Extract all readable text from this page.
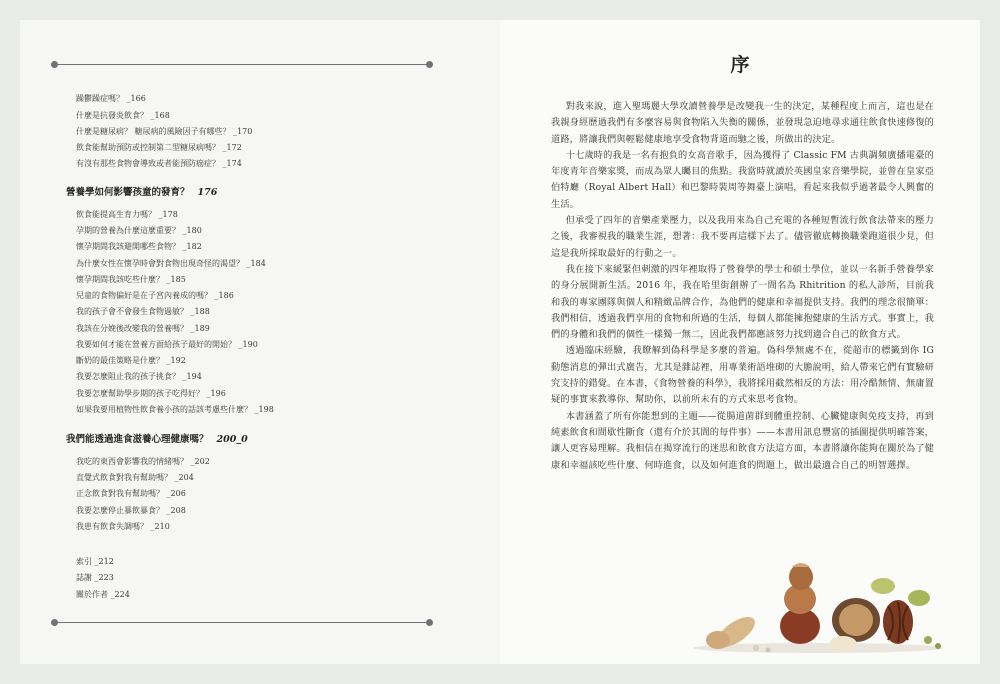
躁鬱躁症嗎？ _166
什麼是抗發炎飲食？ _168
什麼是糖尿病？ 糖尿病的風險因子有哪些？ _170
飲食能幫助預防或控制第二型糖尿病嗎？ _172
有沒有那些食物會導致或者能預防癌症？ _174
營養學如何影響孩童的發育？ 176
飲食能提高生育力嗎？ _178
孕期的營養為什麼這麼重要？ _180
懷孕期間我該避開哪些食物？ _182
為什麼女性在懷孕時會對食物出現奇怪的渴望？ _184
懷孕期間我該吃些什麼？ _185
兒童的食物偏好是在子宮內養成的嗎？ _186
我的孩子會不會發生食物過敏？ _188
我該在分娩後改變我的營養嗎？ _189
我要如何才能在營養方面給孩子最好的開始？ _190
斷奶的最佳策略是什麼？ _192
我要怎麼阻止我的孩子挑食？ _194
我要怎麼幫助學步期的孩子吃得好？ _196
如果我要用植物性飲食養小孩的話該考慮些什麼？ _198
我們能透過進食滋養心理健康嗎？ 200_0
我吃的東西會影響我的情緒嗎？ _202
直覺式飲食對我有幫助嗎？ _204
正念飲食對我有幫助嗎？ _206
我要怎麼停止暴飲暴食？ _208
我患有飲食失調嗎？ _210
索引 _212
誌謝 _223
關於作者 _224
序

對我來說，進入聖瑪麗大學攻讀營養學是改變我一生的決定，某種程度上而言，這也是在我親身經歷過我們有多麼容易與食物陷入失衡的關係，並發現急迫地尋求通往飲食快速修復的道路，將讓我們與輕鬆健康地享受食物背道而馳之後，所做出的決定。

十七歲時的我是一名有抱負的女高音歌手，因為獲得了 Classic FM 古典調頻廣播電臺的年度青年音樂家獎，而成為眾人矚目的焦點。我當時就讀於英國皇家音樂學院，並曾在皇家亞伯特廳（Royal Albert Hall）和巴黎時裝周等舞臺上演唱，看起來我似乎過著最令人興奮的生活。

但承受了四年的音樂產業壓力，以及我用來為自己充電的各種短暫流行飲食法帶來的壓力之後，我審視我的職業生涯，想著：我不要再這樣下去了。儘管徹底轉換職業跑道很少見，但這是我所採取最好的行動之一。

我在接下來緩緊但刺激的四年裡取得了營養學的學士和碩士學位，並以一名新手營養學家的身分展開新生活。2016 年，我在哈里街創辦了一間名為 Rhitrition 的私人診所，目前我和我的專家團隊與個人和精緻品牌合作，為他們的健康和幸福提供支持。我們的理念很簡單：我們相信，透過我們享用的食物和所過的生活，每個人都能擁抱健康的生活方式。事實上，我們的身體和我們的個性一樣獨一無二，因此我們都應該努力找到適合自己的飲食方式。

透過臨床經驗，我瞭解到偽科學是多麼的普遍。偽科學無處不在，從超市的標籤到你 IG 動態消息的彈出式廣告，尤其是雜誌裡，用專業術語堆砌的大膽說明，給人帶來它們有實驗研究支持的錯覺。在本書，《食物營養的科學》，我將採用截然相反的方法：用冷酷無情、無庸置疑的事實來教導你、幫助你，以前所未有的方式來思考食物。

本書涵蓋了所有你能想到的主題——從腸道菌群到體重控制、心臟健康與免疫支持，再到純素飲食和間歇性斷食（還有介於其間的每件事）——本書用訊息豐富的插圖提供明確答案，讓人更容易理解。我相信在揭穿流行的迷思和飲食方法這方面，本書將讓你能夠在關於為了健康和幸福該吃些什麼、何時進食，以及如何進食的問題上，做出最適合自己的明智選擇。
